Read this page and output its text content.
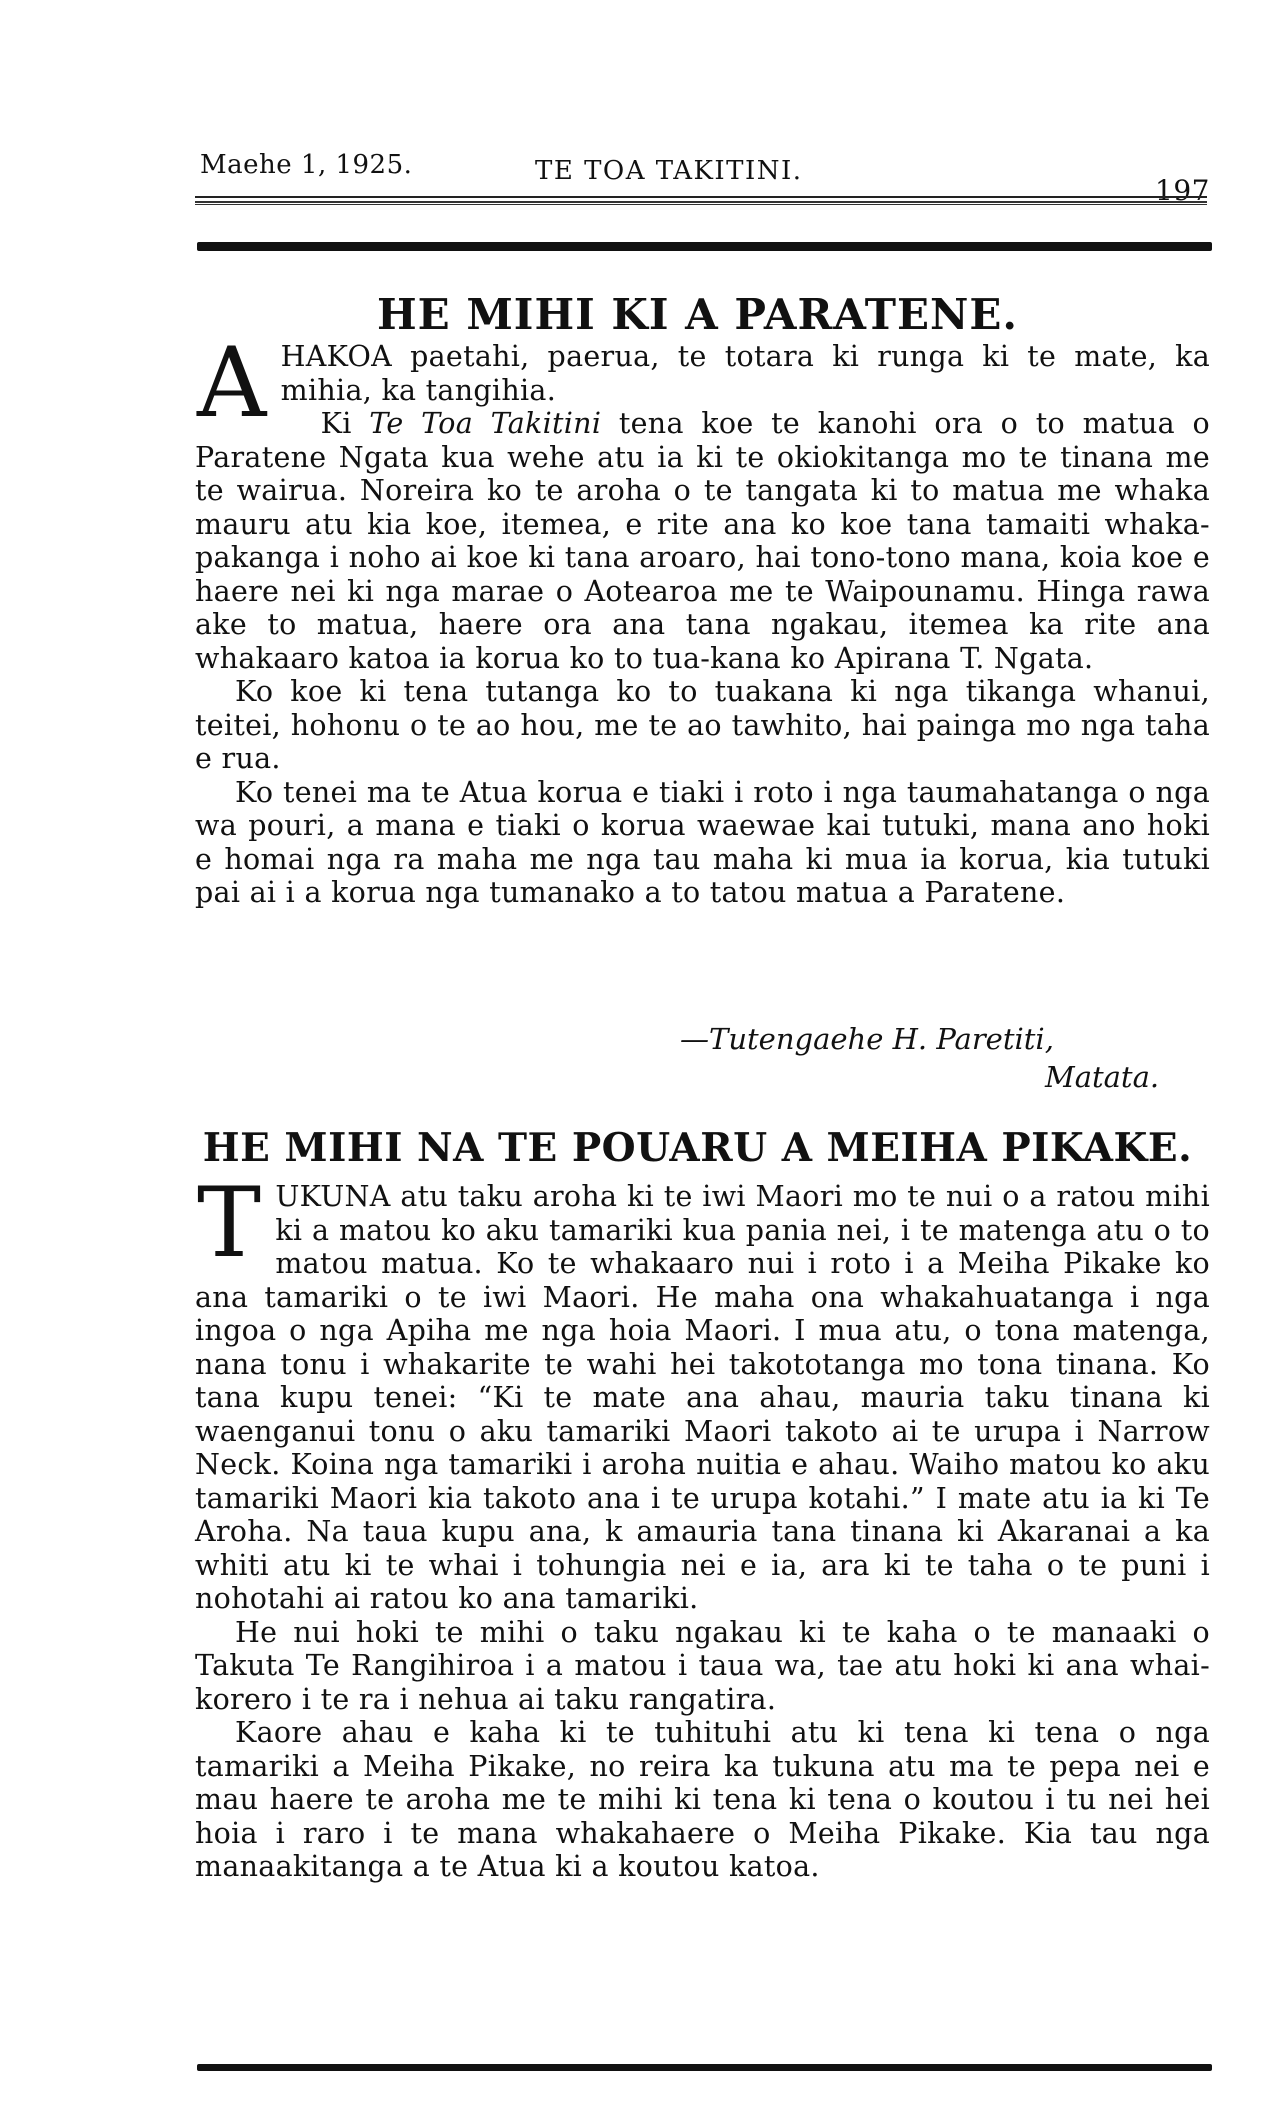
Maehe 1, 1925.	TE TOA TAKITINI.
197
HE MIHI KI A PARATENE.

AHAKOA paetahi, paerua, te totara ki runga ki te mate, ka mihia, ka tangihia.

Ki Te Toa Takitini tena koe te kanohi ora o to matua o Paratene Ngata kua wehe atu ia ki te okiokitanga mo te tinana me te wairua. Noreira ko te aroha o te tangata ki to matua me whaka mauru atu kia koe, itemea, e rite ana ko koe tana tamaiti whaka-pakanga i noho ai koe ki tana aroaro, hai tono-tono mana, koia koe e haere nei ki nga marae o Aotearoa me te Waipounamu. Hinga rawa ake to matua, haere ora ana tana ngakau, itemea ka rite ana whakaaro katoa ia korua ko to tua-kana ko Apirana T. Ngata.

Ko koe ki tena tutanga ko to tuakana ki nga tikanga whanui, teitei, hohonu o te ao hou, me te ao tawhito, hai painga mo nga taha e rua.

Ko tenei ma te Atua korua e tiaki i roto i nga taumahatanga o nga wa pouri, a mana e tiaki o korua waewae kai tutuki, mana ano hoki e homai nga ra maha me nga tau maha ki mua ia korua, kia tutuki pai ai i a korua nga tumanako a to tatou matua a Paratene.

—Tutengaehe H. Paretiti,
Matata.
HE MIHI NA TE POUARU A MEIHA PIKAKE.

TUKUNA atu taku aroha ki te iwi Maori mo te nui o a ratou mihi ki a matou ko aku tamariki kua pania nei, i te matenga atu o to matou matua. Ko te whakaaro nui i roto i a Meiha Pikake ko ana tamariki o te iwi Maori. He maha ona whakahuatanga i nga ingoa o nga Apiha me nga hoia Maori. I mua atu, o tona matenga, nana tonu i whakarite te wahi hei takototanga mo tona tinana. Ko tana kupu tenei: “Ki te mate ana ahau, mauria taku tinana ki waenganui tonu o aku tamariki Maori takoto ai te urupa i Narrow Neck. Koina nga tamariki i aroha nuitia e ahau. Waiho matou ko aku tamariki Maori kia takoto ana i te urupa kotahi.” I mate atu ia ki Te Aroha. Na taua kupu ana, k amauria tana tinana ki Akaranai a ka whiti atu ki te whai i tohungia nei e ia, ara ki te taha o te puni i nohotahi ai ratou ko ana tamariki.

He nui hoki te mihi o taku ngakau ki te kaha o te manaaki o Takuta Te Rangihiroa i a matou i taua wa, tae atu hoki ki ana whai-korero i te ra i nehua ai taku rangatira.

Kaore ahau e kaha ki te tuhituhi atu ki tena ki tena o nga tamariki a Meiha Pikake, no reira ka tukuna atu ma te pepa nei e mau haere te aroha me te mihi ki tena ki tena o koutou i tu nei hei hoia i raro i te mana whakahaere o Meiha Pikake. Kia tau nga manaakitanga a te Atua ki a koutou katoa.
